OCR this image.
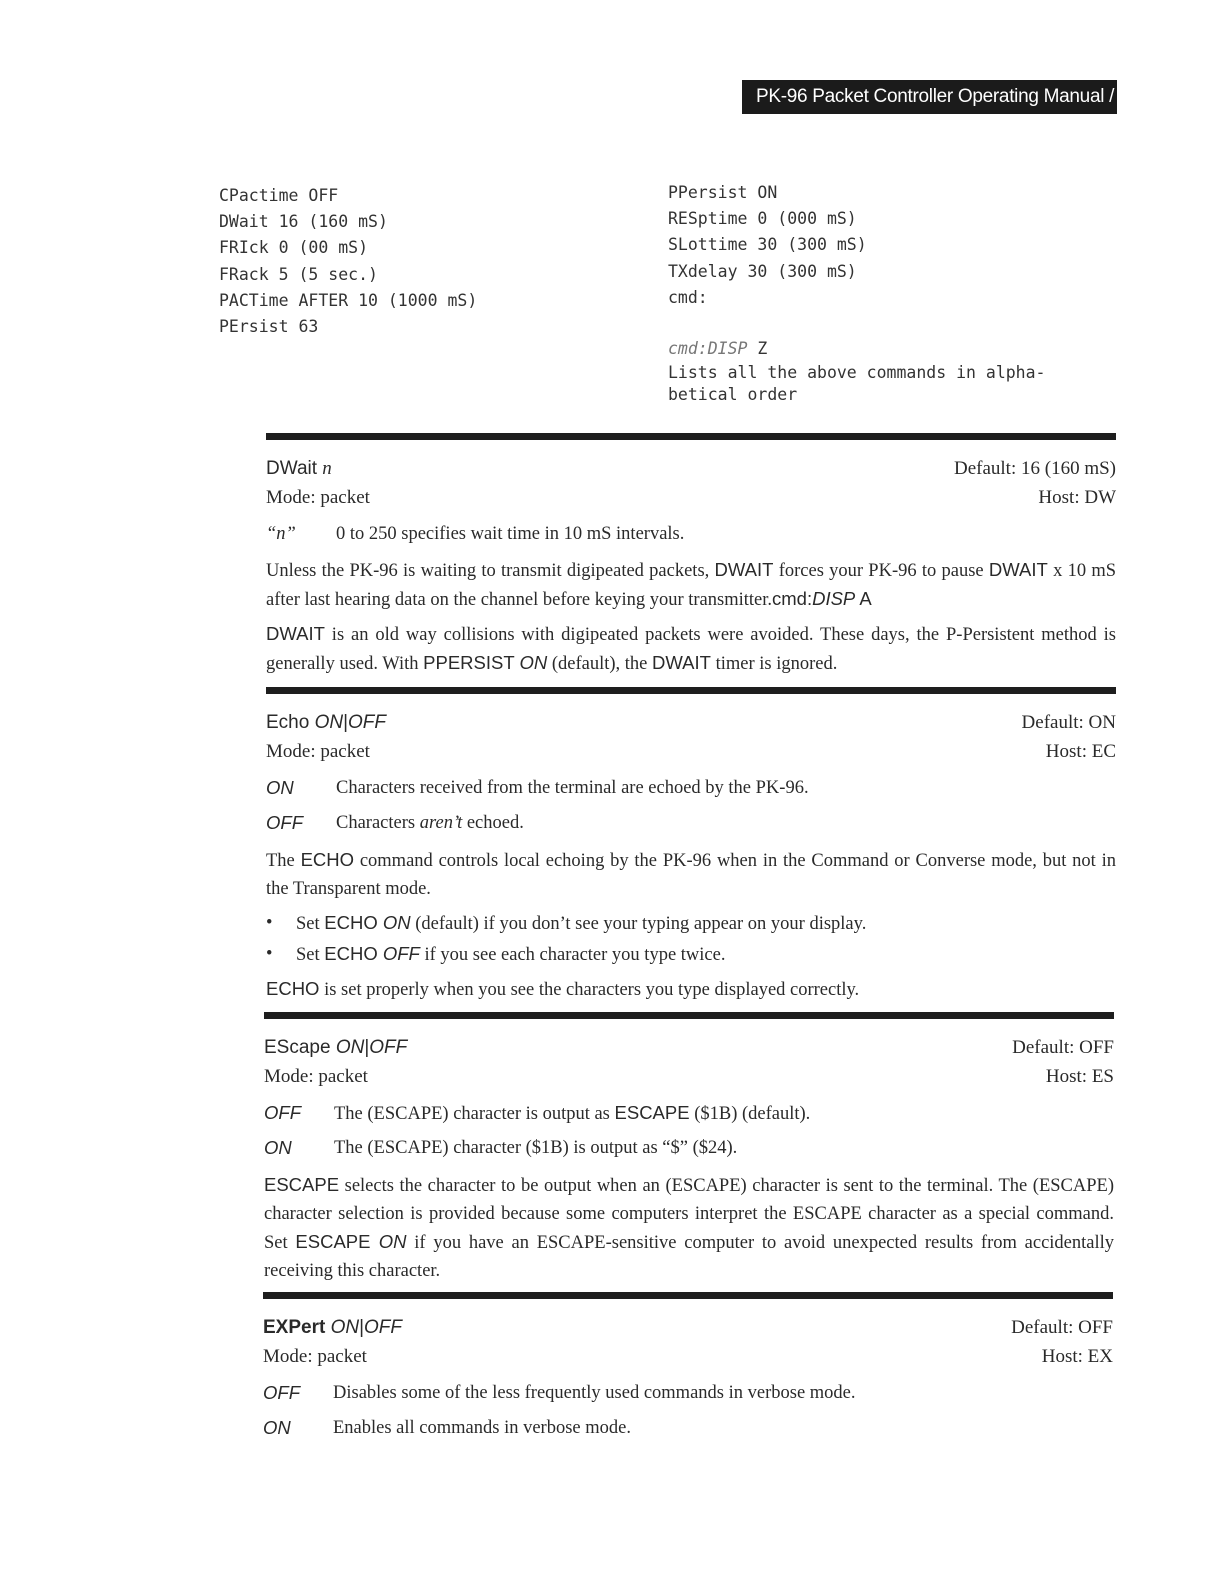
PK-96 Packet Controller Operating Manual / 45
CPactime OFF
DWait 16 (160 mS)
FRIck 0 (00 mS)
FRack 5 (5 sec.)
PACTime AFTER 10 (1000 mS)
PErsist 63
PPersist ON
RESptime 0 (000 mS)
SLottime 30 (300 mS)
TXdelay 30 (300 mS)
cmd:
cmd:DISP Z
Lists all the above commands in alpha-
betical order
DWait n	Default: 16 (160 mS)
Mode: packet	Host: DW
“n”	0 to 250 specifies wait time in 10 mS intervals.

Unless the PK-96 is waiting to transmit digipeated packets, DWAIT forces your PK-96 to pause DWAIT x 10 mS after last hearing data on the channel before keying your transmitter.cmd:DISP A

DWAIT is an old way collisions with digipeated packets were avoided. These days, the P-Persistent method is generally used. With PPERSIST ON (default), the DWAIT timer is ignored.

Echo ON|OFF	Default: ON
Mode: packet	Host: EC
ON	Characters received from the terminal are echoed by the PK-96.
OFF	Characters aren’t echoed.

The ECHO command controls local echoing by the PK-96 when in the Command or Converse mode, but not in the Transparent mode.

•	Set ECHO ON (default) if you don’t see your typing appear on your display.
•	Set ECHO OFF if you see each character you type twice.

ECHO is set properly when you see the characters you type displayed correctly.

EScape ON|OFF	Default: OFF
Mode: packet	Host: ES
OFF	The (ESCAPE) character is output as ESCAPE ($1B) (default).
ON	The (ESCAPE) character ($1B) is output as “$” ($24).

ESCAPE selects the character to be output when an (ESCAPE) character is sent to the terminal. The (ESCAPE) character selection is provided because some computers interpret the ESCAPE character as a special command. Set ESCAPE ON if you have an ESCAPE-sensitive computer to avoid unexpected results from accidentally receiving this character.

EXPert ON|OFF	Default: OFF
Mode: packet	Host: EX
OFF	Disables some of the less frequently used commands in verbose mode.
ON	Enables all commands in verbose mode.
